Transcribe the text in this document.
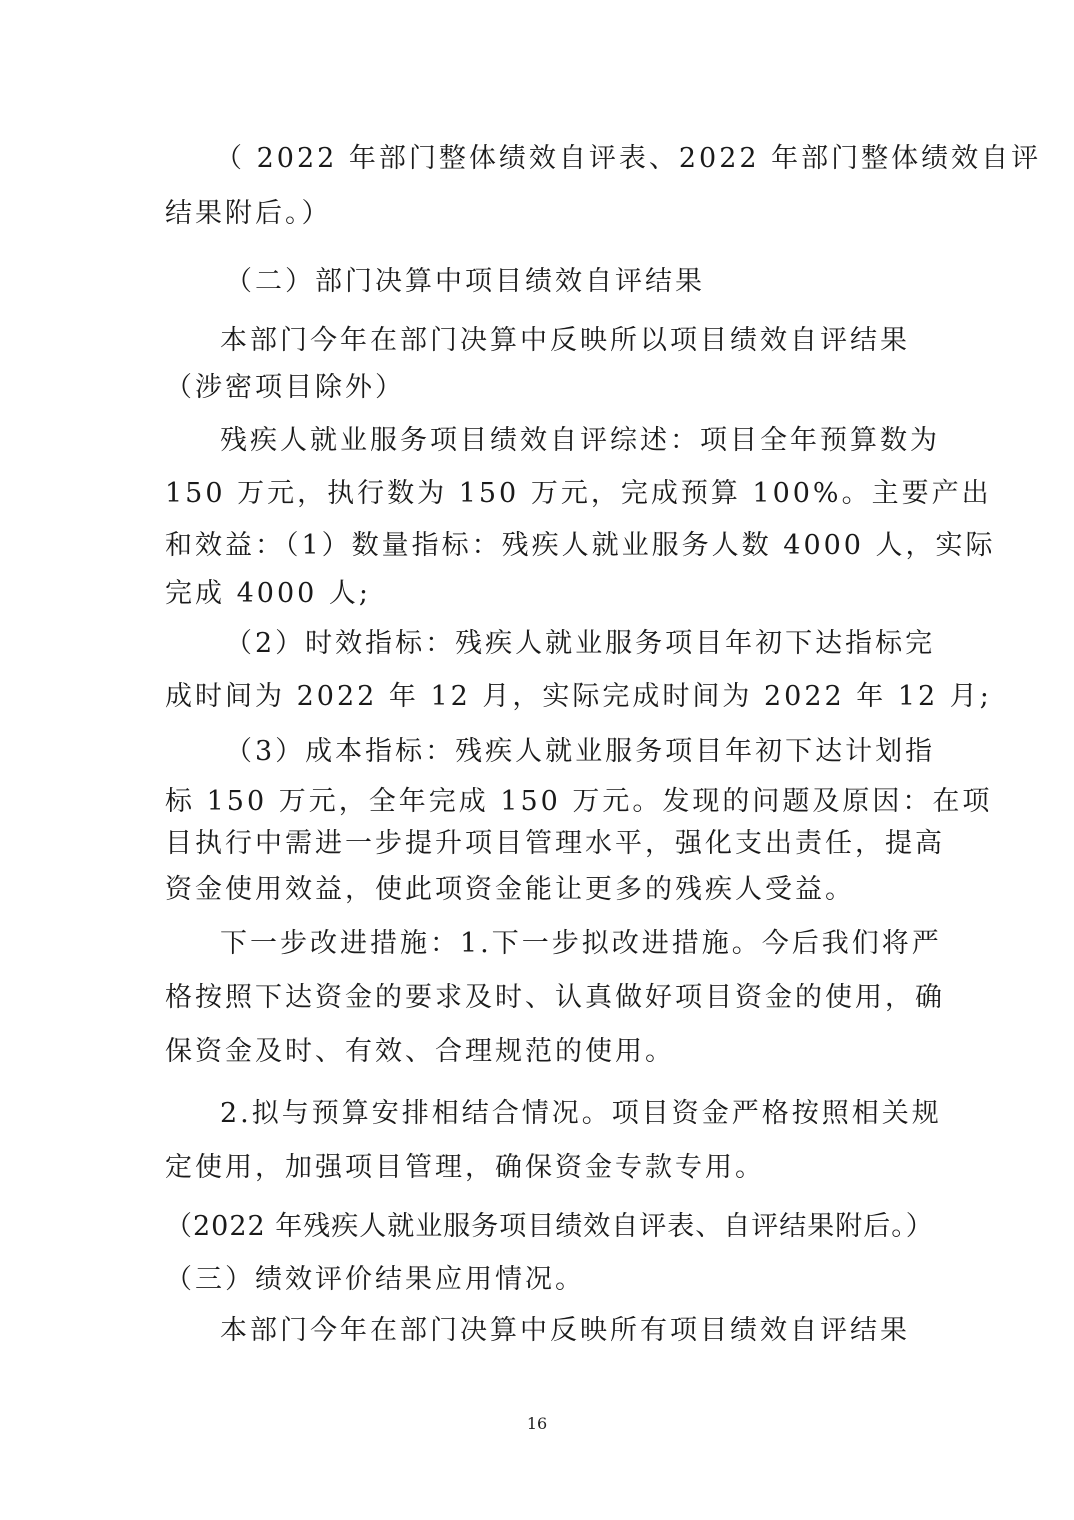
（ 2022 年部门整体绩效自评表、2022 年部门整体绩效自评
结果附后。）
（二）部门决算中项目绩效自评结果
本部门今年在部门决算中反映所以项目绩效自评结果
（涉密项目除外）
残疾人就业服务项目绩效自评综述：项目全年预算数为
150 万元，执行数为 150 万元，完成预算 100%。主要产出
和效益：（1）数量指标：残疾人就业服务人数 4000 人，实际
完成 4000 人;
（2）时效指标：残疾人就业服务项目年初下达指标完
成时间为 2022 年 12 月，实际完成时间为 2022 年 12 月;
（3）成本指标：残疾人就业服务项目年初下达计划指
标 150 万元，全年完成 150 万元。发现的问题及原因：在项
目执行中需进一步提升项目管理水平，强化支出责任，提高
资金使用效益，使此项资金能让更多的残疾人受益。
下一步改进措施：1.下一步拟改进措施。今后我们将严
格按照下达资金的要求及时、认真做好项目资金的使用，确
保资金及时、有效、合理规范的使用。
2.拟与预算安排相结合情况。项目资金严格按照相关规
定使用，加强项目管理，确保资金专款专用。
（2022 年残疾人就业服务项目绩效自评表、自评结果附后。）
（三）绩效评价结果应用情况。
本部门今年在部门决算中反映所有项目绩效自评结果
16
